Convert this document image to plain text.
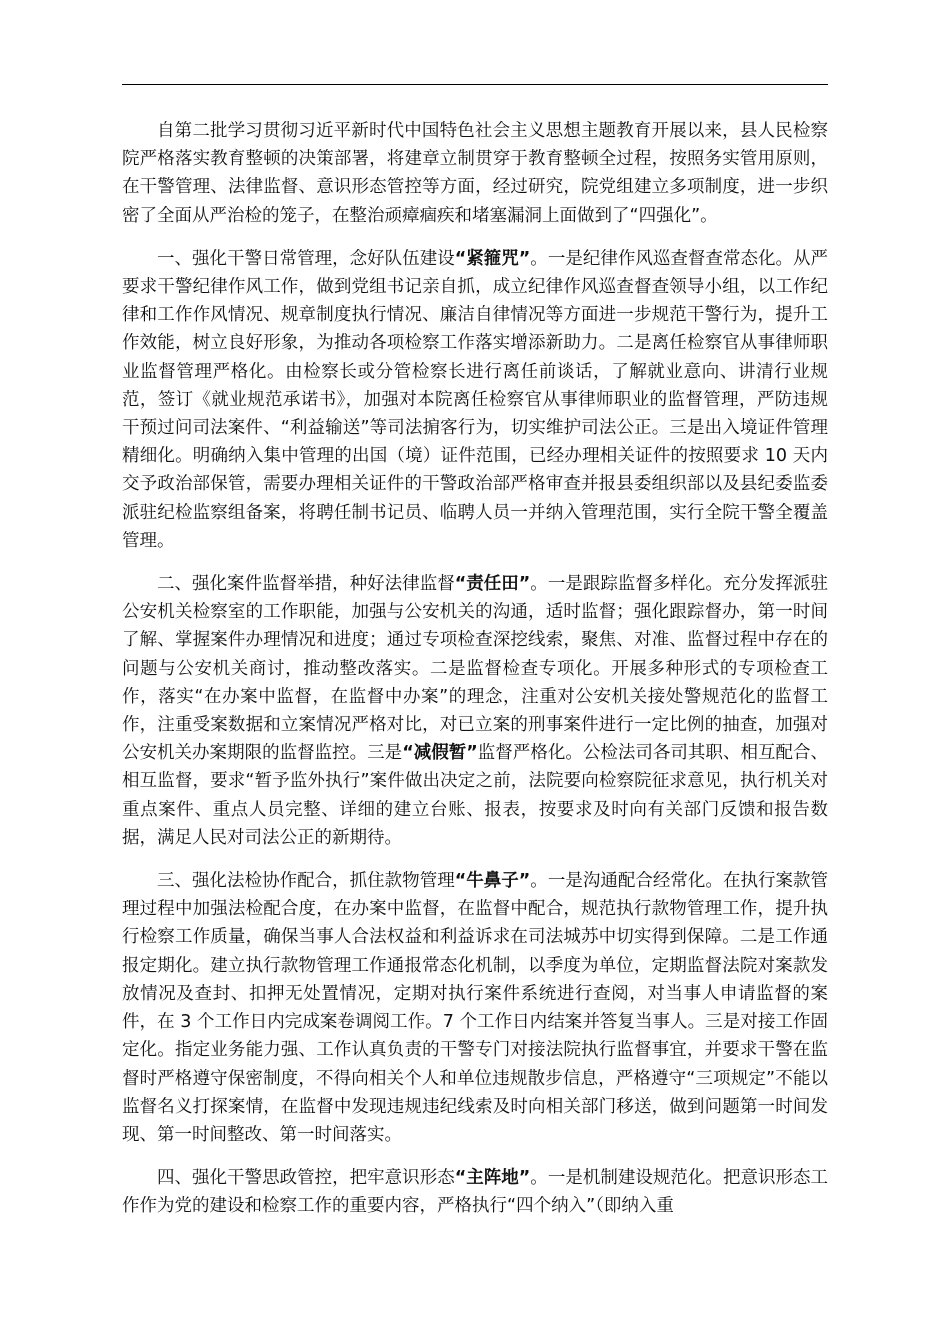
自第二批学习贯彻习近平新时代中国特色社会主义思想主题教育开展以来，县人民检察院严格落实教育整顿的决策部署，将建章立制贯穿于教育整顿全过程，按照务实管用原则，在干警管理、法律监督、意识形态管控等方面，经过研究，院党组建立多项制度，进一步织密了全面从严治检的笼子，在整治顽瘴痼疾和堵塞漏洞上面做到了“四强化”。

一、强化干警日常管理，念好队伍建设“紧箍咒”。一是纪律作风巡查督查常态化。从严要求干警纪律作风工作，做到党组书记亲自抓，成立纪律作风巡查督查领导小组，以工作纪律和工作作风情况、规章制度执行情况、廉洁自律情况等方面进一步规范干警行为，提升工作效能，树立良好形象，为推动各项检察工作落实增添新助力。二是离任检察官从事律师职业监督管理严格化。由检察长或分管检察长进行离任前谈话，了解就业意向、讲清行业规范，签订《就业规范承诺书》，加强对本院离任检察官从事律师职业的监督管理，严防违规干预过问司法案件、“利益输送”等司法掮客行为，切实维护司法公正。三是出入境证件管理精细化。明确纳入集中管理的出国（境）证件范围，已经办理相关证件的按照要求 10 天内交予政治部保管，需要办理相关证件的干警政治部严格审查并报县委组织部以及县纪委监委派驻纪检监察组备案，将聘任制书记员、临聘人员一并纳入管理范围，实行全院干警全覆盖管理。

二、强化案件监督举措，种好法律监督“责任田”。一是跟踪监督多样化。充分发挥派驻公安机关检察室的工作职能，加强与公安机关的沟通，适时监督；强化跟踪督办，第一时间了解、掌握案件办理情况和进度；通过专项检查深挖线索，聚焦、对准、监督过程中存在的问题与公安机关商讨，推动整改落实。二是监督检查专项化。开展多种形式的专项检查工作，落实“在办案中监督，在监督中办案”的理念，注重对公安机关接处警规范化的监督工作，注重受案数据和立案情况严格对比，对已立案的刑事案件进行一定比例的抽查，加强对公安机关办案期限的监督监控。三是“减假暂”监督严格化。公检法司各司其职、相互配合、相互监督，要求“暂予监外执行”案件做出决定之前，法院要向检察院征求意见，执行机关对重点案件、重点人员完整、详细的建立台账、报表，按要求及时向有关部门反馈和报告数据，满足人民对司法公正的新期待。

三、强化法检协作配合，抓住款物管理“牛鼻子”。一是沟通配合经常化。在执行案款管理过程中加强法检配合度，在办案中监督，在监督中配合，规范执行款物管理工作，提升执行检察工作质量，确保当事人合法权益和利益诉求在司法城苏中切实得到保障。二是工作通报定期化。建立执行款物管理工作通报常态化机制，以季度为单位，定期监督法院对案款发放情况及查封、扣押无处置情况，定期对执行案件系统进行查阅，对当事人申请监督的案件，在 3 个工作日内完成案卷调阅工作。7 个工作日内结案并答复当事人。三是对接工作固定化。指定业务能力强、工作认真负责的干警专门对接法院执行监督事宜，并要求干警在监督时严格遵守保密制度，不得向相关个人和单位违规散步信息，严格遵守“三项规定”不能以监督名义打探案情，在监督中发现违规违纪线索及时向相关部门移送，做到问题第一时间发现、第一时间整改、第一时间落实。

四、强化干警思政管控，把牢意识形态“主阵地”。一是机制建设规范化。把意识形态工作作为党的建设和检察工作的重要内容，严格执行“四个纳入”（即纳入重
